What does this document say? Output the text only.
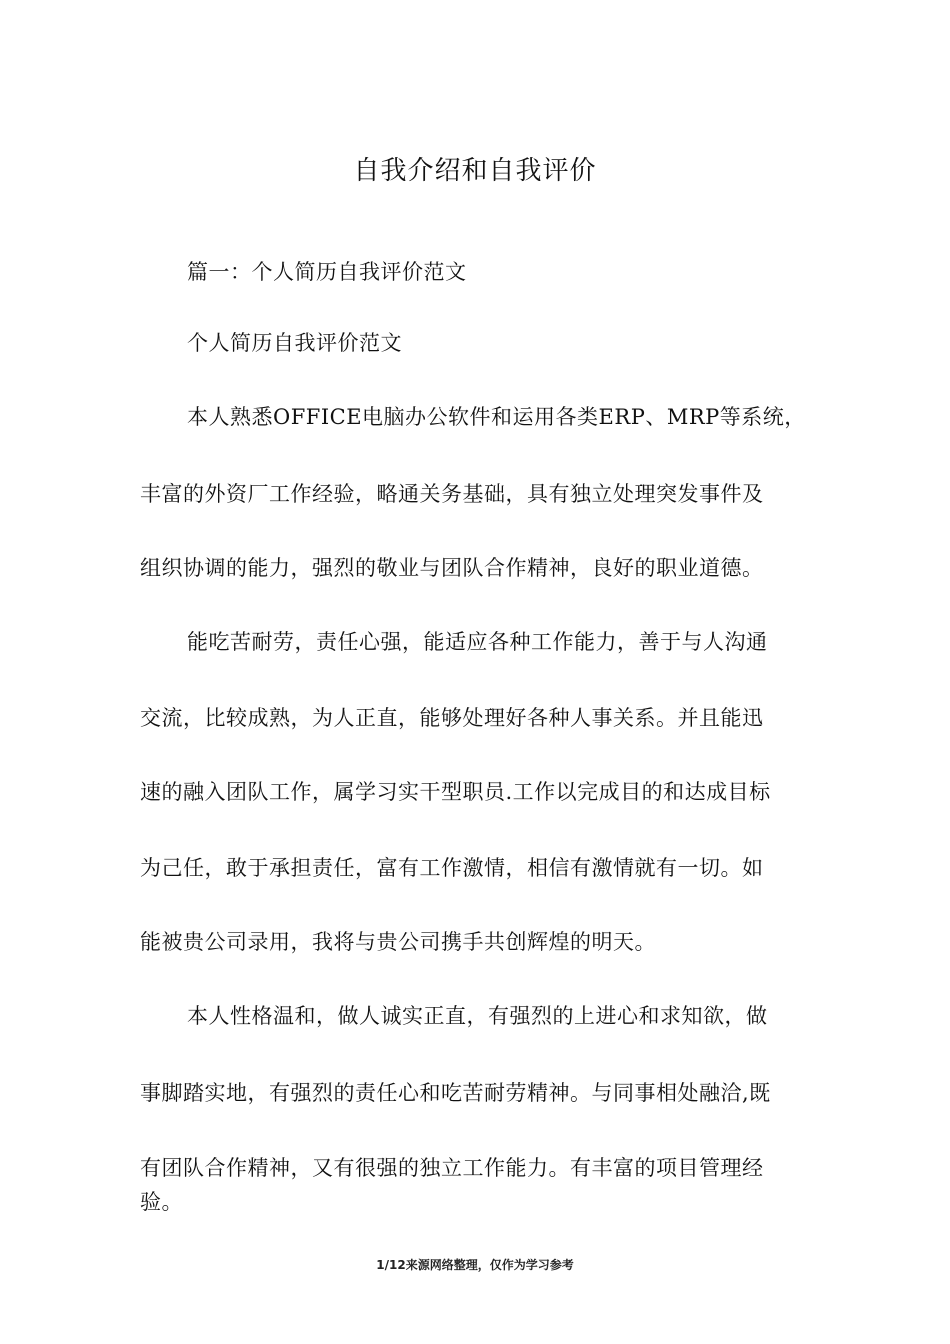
自我介绍和自我评价
篇一：个人简历自我评价范文
个人简历自我评价范文
本人熟悉OFFICE电脑办公软件和运用各类ERP、MRP等系统，
丰富的外资厂工作经验，略通关务基础，具有独立处理突发事件及
组织协调的能力，强烈的敬业与团队合作精神，良好的职业道德。
能吃苦耐劳，责任心强，能适应各种工作能力，善于与人沟通
交流，比较成熟，为人正直，能够处理好各种人事关系。并且能迅
速的融入团队工作，属学习实干型职员.工作以完成目的和达成目标
为己任，敢于承担责任，富有工作激情，相信有激情就有一切。如
能被贵公司录用，我将与贵公司携手共创辉煌的明天。
本人性格温和，做人诚实正直，有强烈的上进心和求知欲，做
事脚踏实地，有强烈的责任心和吃苦耐劳精神。与同事相处融洽,既
有团队合作精神，又有很强的独立工作能力。有丰富的项目管理经
验。
1/12来源网络整理，仅作为学习参考
